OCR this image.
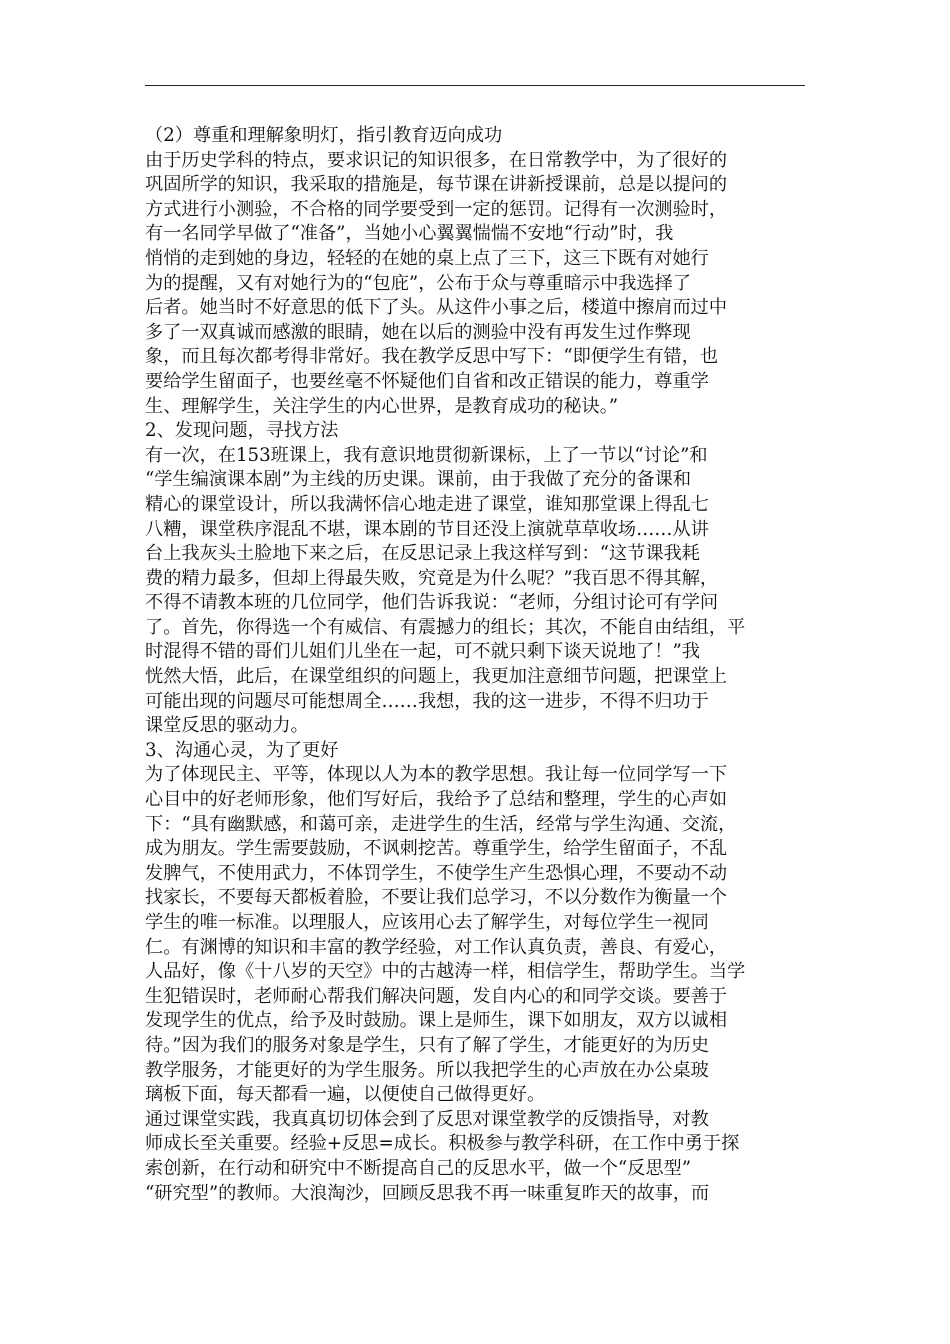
（2）尊重和理解象明灯，指引教育迈向成功
由于历史学科的特点，要求识记的知识很多，在日常教学中，为了很好的
巩固所学的知识，我采取的措施是，每节课在讲新授课前，总是以提问的
方式进行小测验，不合格的同学要受到一定的惩罚。记得有一次测验时，
有一名同学早做了“准备”，当她小心翼翼惴惴不安地“行动”时，我
悄悄的走到她的身边，轻轻的在她的桌上点了三下，这三下既有对她行
为的提醒，又有对她行为的“包庇”，公布于众与尊重暗示中我选择了
后者。她当时不好意思的低下了头。从这件小事之后，楼道中擦肩而过中
多了一双真诚而感激的眼睛，她在以后的测验中没有再发生过作弊现
象，而且每次都考得非常好。我在教学反思中写下：“即便学生有错，也
要给学生留面子，也要丝毫不怀疑他们自省和改正错误的能力，尊重学
生、理解学生，关注学生的内心世界，是教育成功的秘诀。”
2、发现问题，寻找方法
有一次，在153班课上，我有意识地贯彻新课标，上了一节以“讨论”和
“学生编演课本剧”为主线的历史课。课前，由于我做了充分的备课和
精心的课堂设计，所以我满怀信心地走进了课堂，谁知那堂课上得乱七
八糟，课堂秩序混乱不堪，课本剧的节目还没上演就草草收场……从讲
台上我灰头土脸地下来之后，在反思记录上我这样写到：“这节课我耗
费的精力最多，但却上得最失败，究竟是为什么呢？”我百思不得其解，
不得不请教本班的几位同学，他们告诉我说：“老师，分组讨论可有学问
了。首先，你得选一个有威信、有震撼力的组长；其次，不能自由结组，平
时混得不错的哥们儿姐们儿坐在一起，可不就只剩下谈天说地了！”我
恍然大悟，此后，在课堂组织的问题上，我更加注意细节问题，把课堂上
可能出现的问题尽可能想周全……我想，我的这一进步，不得不归功于
课堂反思的驱动力。
3、沟通心灵，为了更好
为了体现民主、平等，体现以人为本的教学思想。我让每一位同学写一下
心目中的好老师形象，他们写好后，我给予了总结和整理，学生的心声如
下：“具有幽默感，和蔼可亲，走进学生的生活，经常与学生沟通、交流，
成为朋友。学生需要鼓励，不讽刺挖苦。尊重学生，给学生留面子，不乱
发脾气，不使用武力，不体罚学生，不使学生产生恐惧心理，不要动不动
找家长，不要每天都板着脸，不要让我们总学习，不以分数作为衡量一个
学生的唯一标准。以理服人，应该用心去了解学生，对每位学生一视同
仁。有渊博的知识和丰富的教学经验，对工作认真负责，善良、有爱心，
人品好，像《十八岁的天空》中的古越涛一样，相信学生，帮助学生。当学
生犯错误时，老师耐心帮我们解决问题，发自内心的和同学交谈。要善于
发现学生的优点，给予及时鼓励。课上是师生，课下如朋友，双方以诚相
待。”因为我们的服务对象是学生，只有了解了学生，才能更好的为历史
教学服务，才能更好的为学生服务。所以我把学生的心声放在办公桌玻
璃板下面，每天都看一遍，以便使自己做得更好。
通过课堂实践，我真真切切体会到了反思对课堂教学的反馈指导，对教
师成长至关重要。经验+反思=成长。积极参与教学科研，在工作中勇于探
索创新，在行动和研究中不断提高自己的反思水平，做一个“反思型”
“研究型”的教师。大浪淘沙，回顾反思我不再一味重复昨天的故事，而
